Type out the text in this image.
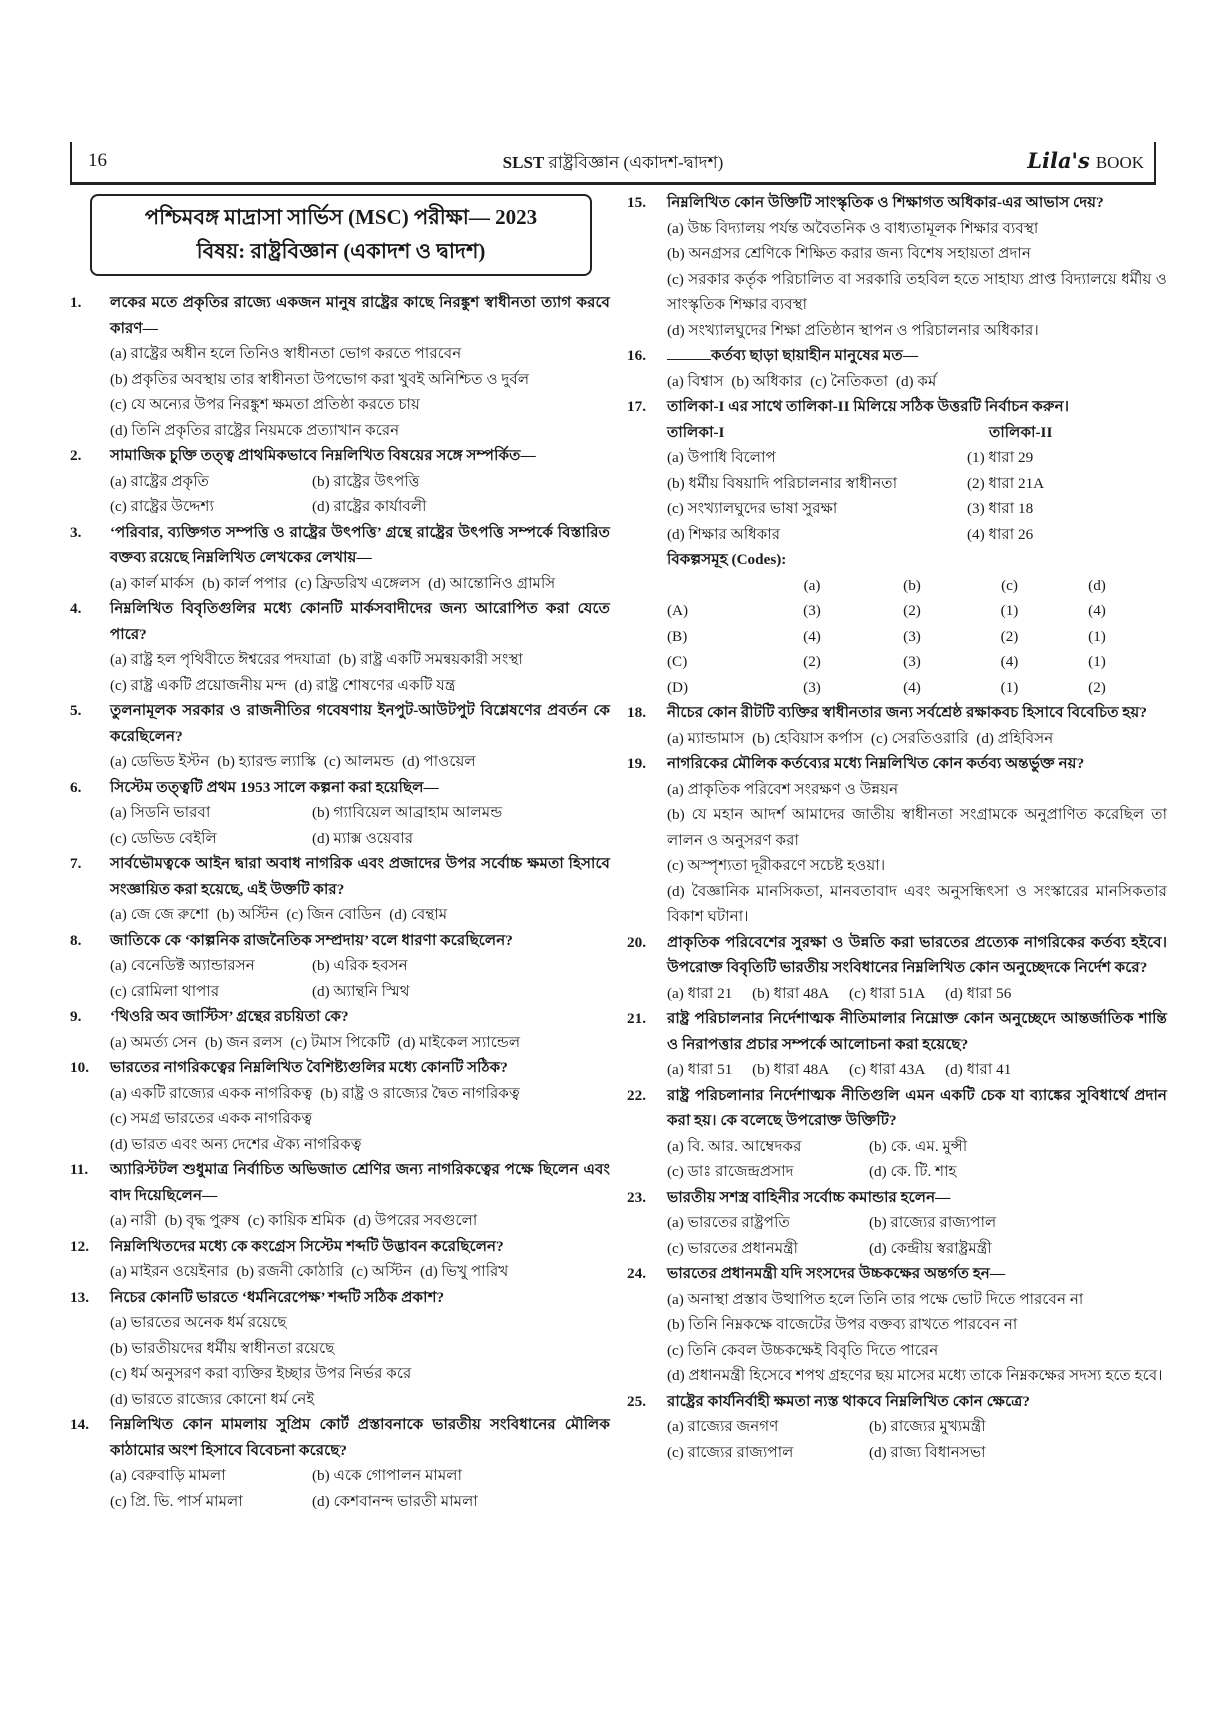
16	SLST রাষ্ট্রবিজ্ঞান (একাদশ-দ্বাদশ)	Lila's BOOK
পশ্চিমবঙ্গ মাদ্রাসা সার্ভিস (MSC) পরীক্ষা— 2023
বিষয়: রাষ্ট্রবিজ্ঞান (একাদশ ও দ্বাদশ)
1.	লকের মতে প্রকৃতির রাজ্যে একজন মানুষ রাষ্ট্রের কাছে নিরঙ্কুশ স্বাধীনতা ত্যাগ করবে কারণ—
(a) রাষ্ট্রের অধীন হলে তিনিও স্বাধীনতা ভোগ করতে পারবেন
(b) প্রকৃতির অবস্থায় তার স্বাধীনতা উপভোগ করা খুবই অনিশ্চিত ও দুর্বল
(c) যে অন্যের উপর নিরঙ্কুশ ক্ষমতা প্রতিষ্ঠা করতে চায়
(d) তিনি প্রকৃতির রাষ্ট্রের নিয়মকে প্রত্যাখান করেন
2.	সামাজিক চুক্তি তত্ত্ব প্রাথমিকভাবে নিম্নলিখিত বিষয়ের সঙ্গে সম্পর্কিত—
(a) রাষ্ট্রের প্রকৃতি	(b) রাষ্ট্রের উৎপত্তি
(c) রাষ্ট্রের উদ্দেশ্য	(d) রাষ্ট্রের কার্যাবলী
3.	‘পরিবার, ব্যক্তিগত সম্পত্তি ও রাষ্ট্রের উৎপত্তি’ গ্রন্থে রাষ্ট্রের উৎপত্তি সম্পর্কে বিস্তারিত বক্তব্য রয়েছে নিম্নলিখিত লেখকের লেখায়—
(a) কার্ল মার্কস (b) কার্ল পপার (c) ফ্রিডরিখ এঙ্গেলস (d) আন্তোনিও গ্রামসি
4.	নিম্নলিখিত বিবৃতিগুলির মধ্যে কোনটি মার্কসবাদীদের জন্য আরোপিত করা যেতে পারে?
(a) রাষ্ট্র হল পৃথিবীতে ঈশ্বরের পদযাত্রা (b) রাষ্ট্র একটি সমন্বয়কারী সংস্থা
(c) রাষ্ট্র একটি প্রয়োজনীয় মন্দ (d) রাষ্ট্র শোষণের একটি যন্ত্র
5.	তুলনামূলক সরকার ও রাজনীতির গবেষণায় ইনপুট-আউটপুট বিশ্লেষণের প্রবর্তন কে করেছিলেন?
(a) ডেভিড ইস্টন (b) হ্যারল্ড ল্যাস্কি (c) আলমন্ড (d) পাওয়েল
6.	সিস্টেম তত্ত্বটি প্রথম 1953 সালে কল্পনা করা হয়েছিল—
(a) সিডনি ভারবা	(b) গ্যাবিয়েল আব্রাহাম আলমন্ড
(c) ডেভিড বেইলি	(d) ম্যাক্স ওয়েবার
7.	সার্বভৌমত্বকে আইন দ্বারা অবাধ নাগরিক এবং প্রজাদের উপর সর্বোচ্চ ক্ষমতা হিসাবে সংজ্ঞায়িত করা হয়েছে, এই উক্তটি কার?
(a) জে জে রুশো (b) অস্টিন (c) জিন বোডিন (d) বেন্থাম
8.	জাতিকে কে ‘কাল্পনিক রাজনৈতিক সম্প্রদায়’ বলে ধারণা করেছিলেন?
(a) বেনেডিক্ট অ্যান্ডারসন	(b) এরিক হবসন
(c) রোমিলা থাপার	(d) অ্যান্থনি স্মিথ
9.	‘থিওরি অব জাস্টিস’ গ্রন্থের রচয়িতা কে?
(a) অমর্ত্য সেন (b) জন রলস (c) টমাস পিকেটি (d) মাইকেল স্যান্ডেল
10.	ভারতের নাগরিকত্বের নিম্নলিখিত বৈশিষ্ট্যগুলির মধ্যে কোনটি সঠিক?
(a) একটি রাজ্যের একক নাগরিকত্ব (b) রাষ্ট্র ও রাজ্যের দ্বৈত নাগরিকত্ব
(c) সমগ্র ভারতের একক নাগরিকত্ব
(d) ভারত এবং অন্য দেশের ঐক্য নাগরিকত্ব
11.	অ্যারিস্টটল শুধুমাত্র নির্বাচিত অভিজাত শ্রেণির জন্য নাগরিকত্বের পক্ষে ছিলেন এবং বাদ দিয়েছিলেন—
(a) নারী (b) বৃদ্ধ পুরুষ (c) কায়িক শ্রমিক (d) উপরের সবগুলো
12.	নিম্নলিখিতদের মধ্যে কে কংগ্রেস সিস্টেম শব্দটি উদ্ভাবন করেছিলেন?
(a) মাইরন ওয়েইনার (b) রজনী কোঠারি (c) অস্টিন (d) ভিখু পারিখ
13.	নিচের কোনটি ভারতে ‘ধর্মনিরেপেক্ষ’ শব্দটি সঠিক প্রকাশ?
(a) ভারতের অনেক ধর্ম রয়েছে
(b) ভারতীয়দের ধর্মীয় স্বাধীনতা রয়েছে
(c) ধর্ম অনুসরণ করা ব্যক্তির ইচ্ছার উপর নির্ভর করে
(d) ভারতে রাজ্যের কোনো ধর্ম নেই
14.	নিম্নলিখিত কোন মামলায় সুপ্রিম কোর্ট প্রস্তাবনাকে ভারতীয় সংবিধানের মৌলিক কাঠামোর অংশ হিসাবে বিবেচনা করেছে?
(a) বেরুবাড়ি মামলা	(b) একে গোপালন মামলা
(c) প্রি. ভি. পার্স মামলা	(d) কেশবানন্দ ভারতী মামলা
15.	নিম্নলিখিত কোন উক্তিটি সাংস্কৃতিক ও শিক্ষাগত অধিকার-এর আভাস দেয়?
(a) উচ্চ বিদ্যালয় পর্যন্ত অবৈতনিক ও বাধ্যতামূলক শিক্ষার ব্যবস্থা
(b) অনগ্রসর শ্রেণিকে শিক্ষিত করার জন্য বিশেষ সহায়তা প্রদান
(c) সরকার কর্তৃক পরিচালিত বা সরকারি তহবিল হতে সাহায্য প্রাপ্ত বিদ্যালয়ে ধর্মীয় ও সাংস্কৃতিক শিক্ষার ব্যবস্থা
(d) সংখ্যালঘুদের শিক্ষা প্রতিষ্ঠান স্থাপন ও পরিচালনার অধিকার।
16.	কর্তব্য ছাড়া ছায়াহীন মানুষের মত—
(a) বিশ্বাস (b) অধিকার (c) নৈতিকতা (d) কর্ম
17.	তালিকা-I এর সাথে তালিকা-II মিলিয়ে সঠিক উত্তরটি নির্বাচন করুন।
তালিকা-I	তালিকা-II
(a) উপাধি বিলোপ	(1) ধারা 29
(b) ধর্মীয় বিষয়াদি পরিচালনার স্বাধীনতা	(2) ধারা 21A
(c) সংখ্যালঘুদের ভাষা সুরক্ষা	(3) ধারা 18
(d) শিক্ষার অধিকার	(4) ধারা 26
বিকল্পসমূহ (Codes):
(a)	(b)	(c)	(d)
(A)	(3)	(2)	(1)	(4)
(B)	(4)	(3)	(2)	(1)
(C)	(2)	(3)	(4)	(1)
(D)	(3)	(4)	(1)	(2)
18.	নীচের কোন রীটটি ব্যক্তির স্বাধীনতার জন্য সর্বশ্রেষ্ঠ রক্ষাকবচ হিসাবে বিবেচিত হয়?
(a) ম্যান্ডামাস (b) হেবিয়াস কর্পাস (c) সেরতিওরারি (d) প্রহিবিসন
19.	নাগরিকের মৌলিক কর্তব্যের মধ্যে নিম্নলিখিত কোন কর্তব্য অন্তর্ভুক্ত নয়?
(a) প্রাকৃতিক পরিবেশ সংরক্ষণ ও উন্নয়ন
(b) যে মহান আদর্শ আমাদের জাতীয় স্বাধীনতা সংগ্রামকে অনুপ্রাণিত করেছিল তা লালন ও অনুসরণ করা
(c) অস্পৃশ্যতা দূরীকরণে সচেষ্ট হওয়া।
(d) বৈজ্ঞানিক মানসিকতা, মানবতাবাদ এবং অনুসন্ধিৎসা ও সংস্কারের মানসিকতার বিকাশ ঘটানা।
20.	প্রাকৃতিক পরিবেশের সুরক্ষা ও উন্নতি করা ভারতের প্রত্যেক নাগরিকের কর্তব্য হইবে। উপরোক্ত বিবৃতিটি ভারতীয় সংবিধানের নিম্নলিখিত কোন অনুচ্ছেদকে নির্দেশ করে?
(a) ধারা 21 (b) ধারা 48A (c) ধারা 51A (d) ধারা 56
21.	রাষ্ট্র পরিচালনার নির্দেশাত্মক নীতিমালার নিম্নোক্ত কোন অনুচ্ছেদে আন্তর্জাতিক শান্তি ও নিরাপত্তার প্রচার সম্পর্কে আলোচনা করা হয়েছে?
(a) ধারা 51 (b) ধারা 48A (c) ধারা 43A (d) ধারা 41
22.	রাষ্ট্র পরিচলানার নির্দেশাত্মক নীতিগুলি এমন একটি চেক যা ব্যাঙ্কের সুবিধার্থে প্রদান করা হয়। কে বলেছে উপরোক্ত উক্তিটি?
(a) বি. আর. আম্বেদকর	(b) কে. এম. মুন্সী
(c) ডাঃ রাজেন্দ্রপ্রসাদ	(d) কে. টি. শাহ
23.	ভারতীয় সশস্ত্র বাহিনীর সর্বোচ্চ কমান্ডার হলেন—
(a) ভারতের রাষ্ট্রপতি	(b) রাজ্যের রাজ্যপাল
(c) ভারতের প্রধানমন্ত্রী	(d) কেন্দ্রীয় স্বরাষ্ট্রমন্ত্রী
24.	ভারতের প্রধানমন্ত্রী যদি সংসদের উচ্চকক্ষের অন্তর্গত হন—
(a) অনাস্থা প্রস্তাব উত্থাপিত হলে তিনি তার পক্ষে ভোট দিতে পারবেন না
(b) তিনি নিম্নকক্ষে বাজেটের উপর বক্তব্য রাখতে পারবেন না
(c) তিনি কেবল উচ্চকক্ষেই বিবৃতি দিতে পারেন
(d) প্রধানমন্ত্রী হিসেবে শপথ গ্রহণের ছয় মাসের মধ্যে তাকে নিম্নকক্ষের সদস্য হতে হবে।
25.	রাষ্ট্রের কার্যনির্বাহী ক্ষমতা ন্যস্ত থাকবে নিম্নলিখিত কোন ক্ষেত্রে?
(a) রাজ্যের জনগণ	(b) রাজ্যের মুখ্যমন্ত্রী
(c) রাজ্যের রাজ্যপাল	(d) রাজ্য বিধানসভা
